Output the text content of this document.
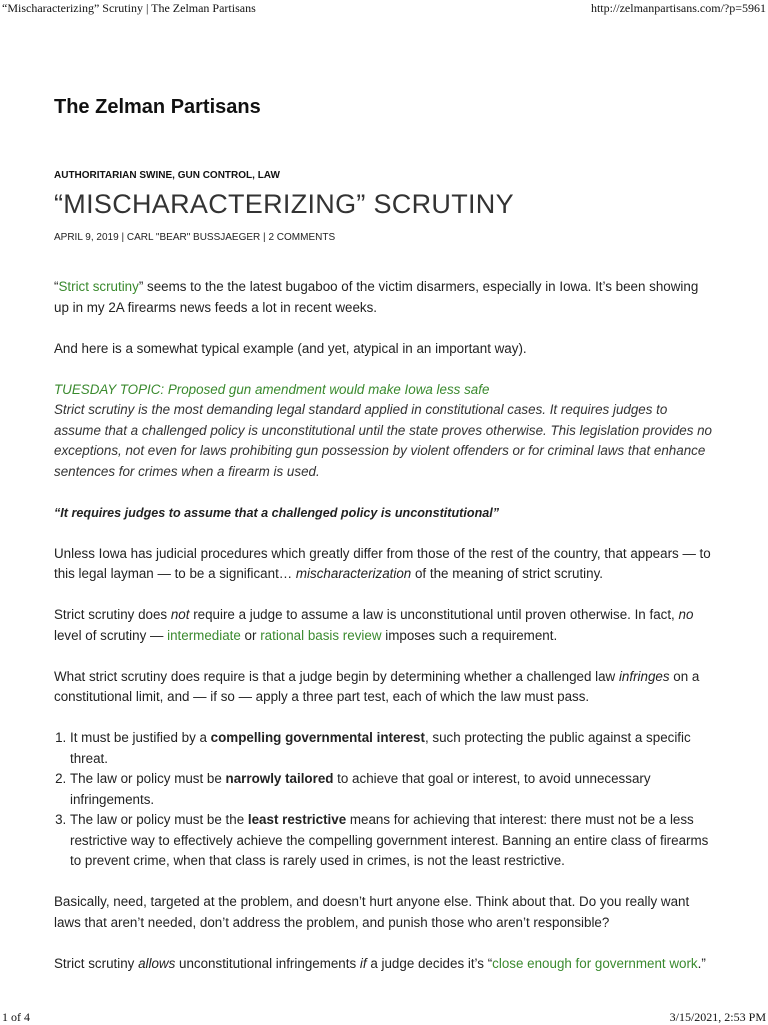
“Mischaracterizing” Scrutiny | The Zelman Partisans	http://zelmanpartisans.com/?p=5961
The Zelman Partisans
AUTHORITARIAN SWINE, GUN CONTROL, LAW
“MISCHARACTERIZING” SCRUTINY
APRIL 9, 2019 | CARL "BEAR" BUSSJAEGER | 2 COMMENTS

“Strict scrutiny” seems to the the latest bugaboo of the victim disarmers, especially in Iowa. It’s been showing up in my 2A firearms news feeds a lot in recent weeks.

And here is a somewhat typical example (and yet, atypical in an important way).

TUESDAY TOPIC: Proposed gun amendment would make Iowa less safe
Strict scrutiny is the most demanding legal standard applied in constitutional cases. It requires judges to assume that a challenged policy is unconstitutional until the state proves otherwise. This legislation provides no exceptions, not even for laws prohibiting gun possession by violent offenders or for criminal laws that enhance sentences for crimes when a firearm is used.

“It requires judges to assume that a challenged policy is unconstitutional”

Unless Iowa has judicial procedures which greatly differ from those of the rest of the country, that appears — to this legal layman — to be a significant… mischaracterization of the meaning of strict scrutiny.

Strict scrutiny does not require a judge to assume a law is unconstitutional until proven otherwise. In fact, no level of scrutiny — intermediate or rational basis review imposes such a requirement.

What strict scrutiny does require is that a judge begin by determining whether a challenged law infringes on a constitutional limit, and — if so — apply a three part test, each of which the law must pass.

1. It must be justified by a compelling governmental interest, such protecting the public against a specific threat.
2. The law or policy must be narrowly tailored to achieve that goal or interest, to avoid unnecessary infringements.
3. The law or policy must be the least restrictive means for achieving that interest: there must not be a less restrictive way to effectively achieve the compelling government interest. Banning an entire class of firearms to prevent crime, when that class is rarely used in crimes, is not the least restrictive.

Basically, need, targeted at the problem, and doesn’t hurt anyone else. Think about that. Do you really want laws that aren’t needed, don’t address the problem, and punish those who aren’t responsible?

Strict scrutiny allows unconstitutional infringements if a judge decides it’s “close enough for government work.”

1 of 4	3/15/2021, 2:53 PM
